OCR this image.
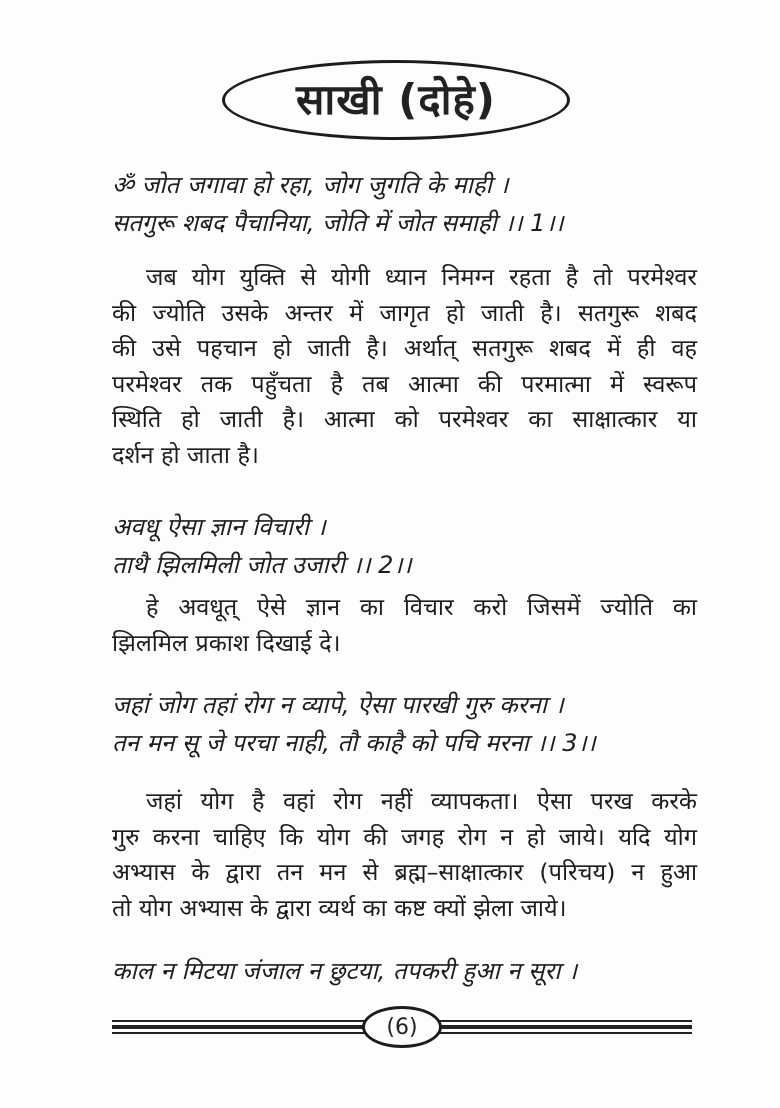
साखी (दोहे)
ॐ जोत जगावा हो रहा, जोग जुगति के माही ।
सतगुरू शबद पैचानिया, जोति में जोत समाही ।। 1।।
जब योग युक्ति से योगी ध्यान निमग्न रहता है तो परमेश्वर
की ज्योति उसके अन्तर में जागृत हो जाती है। सतगुरू शबद
की उसे पहचान हो जाती है। अर्थात् सतगुरू शबद में ही वह
परमेश्वर तक पहुँचता है तब आत्मा की परमात्मा में स्वरूप
स्थिति हो जाती है। आत्मा को परमेश्वर का साक्षात्कार या
दर्शन हो जाता है।
अवधू ऐसा ज्ञान विचारी ।
ताथै झिलमिली जोत उजारी ।। 2।।
हे अवधूत् ऐसे ज्ञान का विचार करो जिसमें ज्योति का
झिलमिल प्रकाश दिखाई दे।
जहां जोग तहां रोग न व्यापे, ऐसा पारखी गुरु करना ।
तन मन सू जे परचा नाही, तौ काहै को पचि मरना ।। 3।।
जहां योग है वहां रोग नहीं व्यापकता। ऐसा परख करके
गुरु करना चाहिए कि योग की जगह रोग न हो जाये। यदि योग
अभ्यास के द्वारा तन मन से ब्रह्म–साक्षात्कार (परिचय) न हुआ
तो योग अभ्यास के द्वारा व्यर्थ का कष्ट क्यों झेला जाये।
काल न मिटया जंजाल न छुटया, तपकरी हुआ न सूरा ।
(6)
